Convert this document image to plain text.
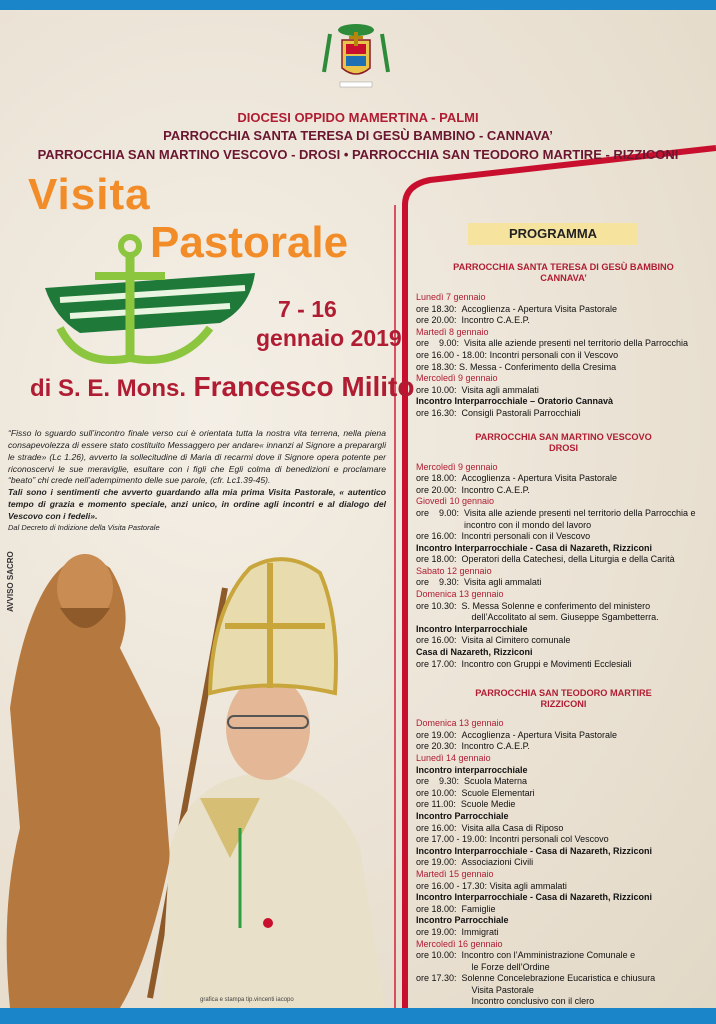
DIOCESI OPPIDO MAMERTINA - PALMI
PARROCCHIA SANTA TERESA DI GESÙ BAMBINO - CANNAVA’
PARROCCHIA SAN MARTINO VESCOVO - DROSI • PARROCCHIA SAN TEODORO MARTIRE - RIZZICONI
Visita
Pastorale
7 - 16
gennaio 2019
di S. E. Mons. Francesco Milito
“Fisso lo sguardo sull’incontro finale verso cui è orientata tutta la nostra vita terrena, nella piena consapevolezza di essere stato costituito Messaggero per andare« innanzi al Signore a preparargli le strade» (Lc 1.26), avverto la sollecitudine di Maria di recarmi dove il Signore opera potente per riconoscervi le sue meraviglie, esultare con i figli che Egli colma di benedizioni e proclamare “beato” chi crede nell’adempimento delle sue parole, (cfr. Lc1.39-45).
Tali sono i sentimenti che avverto guardando alla mia prima Visita Pastorale, « autentico tempo di grazia e momento speciale, anzi unico, in ordine agli incontri e al dialogo del Vescovo con i fedeli».
Dal Decreto di Indizione della Visita Pastorale
AVVISO SACRO
grafica e stampa tip.vincenti iacopo
PROGRAMMA
PARROCCHIA SANTA TERESA DI GESÙ BAMBINO
CANNAVA’
Lunedì 7 gennaio
ore 18.30: Accoglienza - Apertura Visita Pastorale
ore 20.00: Incontro C.A.E.P.
Martedì 8 gennaio
ore    9.00: Visita alle aziende presenti nel territorio della Parrocchia
ore 16.00 - 18.00: Incontri personali con il Vescovo
ore 18.30: S. Messa - Conferimento della Cresima
Mercoledì 9 gennaio
ore 10.00: Visita agli ammalati
Incontro Interparrocchiale – Oratorio Cannavà
ore 16.30: Consigli Pastorali Parrocchiali
PARROCCHIA SAN MARTINO VESCOVO
DROSI
Mercoledì 9 gennaio
ore 18.00: Accoglienza - Apertura Visita Pastorale
ore 20.00: Incontro C.A.E.P.
Giovedì 10 gennaio
ore    9.00: Visita alle aziende presenti nel territorio della Parrocchia e
incontro con il mondo del lavoro
ore 16.00: Incontri personali con il Vescovo
Incontro Interparrocchiale - Casa di Nazareth, Rizziconi
ore 18.00: Operatori della Catechesi, della Liturgia e della Carità
Sabato 12 gennaio
ore    9.30: Visita agli ammalati
Domenica 13 gennaio
ore 10.30: S. Messa Solenne e conferimento del ministero
dell’Accolitato al sem. Giuseppe Sgambetterra.
Incontro Interparrocchiale
ore 16.00: Visita al Cimitero comunale
Casa di Nazareth, Rizziconi
ore 17.00: Incontro con Gruppi e Movimenti Ecclesiali
PARROCCHIA SAN TEODORO MARTIRE
RIZZICONI
Domenica 13 gennaio
ore 19.00: Accoglienza - Apertura Visita Pastorale
ore 20.30: Incontro C.A.E.P.
Lunedì 14 gennaio
Incontro interparrocchiale
ore    9.30: Scuola Materna
ore 10.00: Scuole Elementari
ore 11.00: Scuole Medie
Incontro Parrocchiale
ore 16.00: Visita alla Casa di Riposo
ore 17.00 - 19.00: Incontri personali col Vescovo
Incontro Interparrocchiale - Casa di Nazareth, Rizziconi
ore 19.00: Associazioni Civili
Martedì 15 gennaio
ore 16.00 - 17.30: Visita agli ammalati
Incontro Interparrocchiale - Casa di Nazareth, Rizziconi
ore 18.00: Famiglie
Incontro Parrocchiale
ore 19.00: Immigrati
Mercoledì 16 gennaio
ore 10.00: Incontro con l’Amministrazione Comunale e
le Forze dell’Ordine
ore 17.30: Solenne Concelebrazione Eucaristica e chiusura
Visita Pastorale
Incontro conclusivo con il clero
